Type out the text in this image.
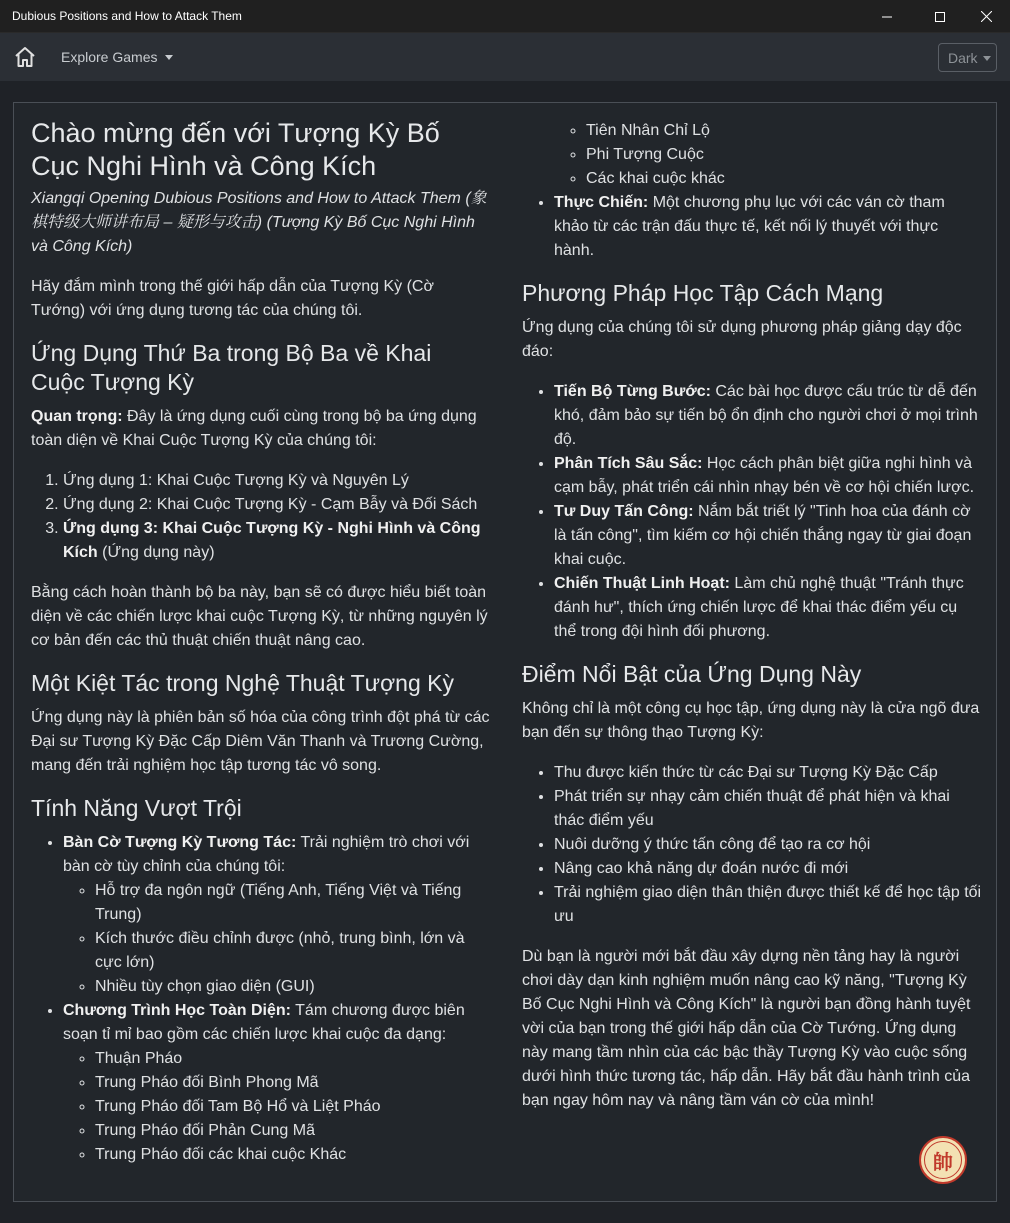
Dubious Positions and How to Attack Them
Explore Games	Dark
Chào mừng đến với Tượng Kỳ Bố Cục Nghi Hình và Công Kích

Xiangqi Opening Dubious Positions and How to Attack Them (象棋特级大师讲布局 – 疑形与攻击) (Tượng Kỳ Bố Cục Nghi Hình và Công Kích)

Hãy đắm mình trong thế giới hấp dẫn của Tượng Kỳ (Cờ Tướng) với ứng dụng tương tác của chúng tôi.

Ứng Dụng Thứ Ba trong Bộ Ba về Khai Cuộc Tượng Kỳ

Quan trọng: Đây là ứng dụng cuối cùng trong bộ ba ứng dụng toàn diện về Khai Cuộc Tượng Kỳ của chúng tôi:

1. Ứng dụng 1: Khai Cuộc Tượng Kỳ và Nguyên Lý
2. Ứng dụng 2: Khai Cuộc Tượng Kỳ - Cạm Bẫy và Đối Sách
3. Ứng dụng 3: Khai Cuộc Tượng Kỳ - Nghi Hình và Công Kích (Ứng dụng này)

Bằng cách hoàn thành bộ ba này, bạn sẽ có được hiểu biết toàn diện về các chiến lược khai cuộc Tượng Kỳ, từ những nguyên lý cơ bản đến các thủ thuật chiến thuật nâng cao.

Một Kiệt Tác trong Nghệ Thuật Tượng Kỳ

Ứng dụng này là phiên bản số hóa của công trình đột phá từ các Đại sư Tượng Kỳ Đặc Cấp Diêm Văn Thanh và Trương Cường, mang đến trải nghiệm học tập tương tác vô song.

Tính Năng Vượt Trội
• Bàn Cờ Tượng Kỳ Tương Tác: Trải nghiệm trò chơi với bàn cờ tùy chỉnh của chúng tôi:
◦ Hỗ trợ đa ngôn ngữ (Tiếng Anh, Tiếng Việt và Tiếng Trung)
◦ Kích thước điều chỉnh được (nhỏ, trung bình, lớn và cực lớn)
◦ Nhiều tùy chọn giao diện (GUI)
• Chương Trình Học Toàn Diện: Tám chương được biên soạn tỉ mỉ bao gồm các chiến lược khai cuộc đa dạng:
◦ Thuận Pháo
◦ Trung Pháo đối Bình Phong Mã
◦ Trung Pháo đối Tam Bộ Hổ và Liệt Pháo
◦ Trung Pháo đối Phản Cung Mã
◦ Trung Pháo đối các khai cuộc Khác
◦ Tiên Nhân Chỉ Lộ
◦ Phi Tượng Cuộc
◦ Các khai cuộc khác
• Thực Chiến: Một chương phụ lục với các ván cờ tham khảo từ các trận đấu thực tế, kết nối lý thuyết với thực hành.
Phương Pháp Học Tập Cách Mạng

Ứng dụng của chúng tôi sử dụng phương pháp giảng dạy độc đáo:

• Tiến Bộ Từng Bước: Các bài học được cấu trúc từ dễ đến khó, đảm bảo sự tiến bộ ổn định cho người chơi ở mọi trình độ.
• Phân Tích Sâu Sắc: Học cách phân biệt giữa nghi hình và cạm bẫy, phát triển cái nhìn nhạy bén về cơ hội chiến lược.
• Tư Duy Tấn Công: Nắm bắt triết lý "Tinh hoa của đánh cờ là tấn công", tìm kiếm cơ hội chiến thắng ngay từ giai đoạn khai cuộc.
• Chiến Thuật Linh Hoạt: Làm chủ nghệ thuật "Tránh thực đánh hư", thích ứng chiến lược để khai thác điểm yếu cụ thể trong đội hình đối phương.
Điểm Nổi Bật của Ứng Dụng Này

Không chỉ là một công cụ học tập, ứng dụng này là cửa ngõ đưa bạn đến sự thông thạo Tượng Kỳ:

• Thu được kiến thức từ các Đại sư Tượng Kỳ Đặc Cấp
• Phát triển sự nhạy cảm chiến thuật để phát hiện và khai thác điểm yếu
• Nuôi dưỡng ý thức tấn công để tạo ra cơ hội
• Nâng cao khả năng dự đoán nước đi mới
• Trải nghiệm giao diện thân thiện được thiết kế để học tập tối ưu

Dù bạn là người mới bắt đầu xây dựng nền tảng hay là người chơi dày dạn kinh nghiệm muốn nâng cao kỹ năng, "Tượng Kỳ Bố Cục Nghi Hình và Công Kích" là người bạn đồng hành tuyệt vời của bạn trong thế giới hấp dẫn của Cờ Tướng. Ứng dụng này mang tầm nhìn của các bậc thầy Tượng Kỳ vào cuộc sống dưới hình thức tương tác, hấp dẫn. Hãy bắt đầu hành trình của bạn ngay hôm nay và nâng tầm ván cờ của mình!

帥
